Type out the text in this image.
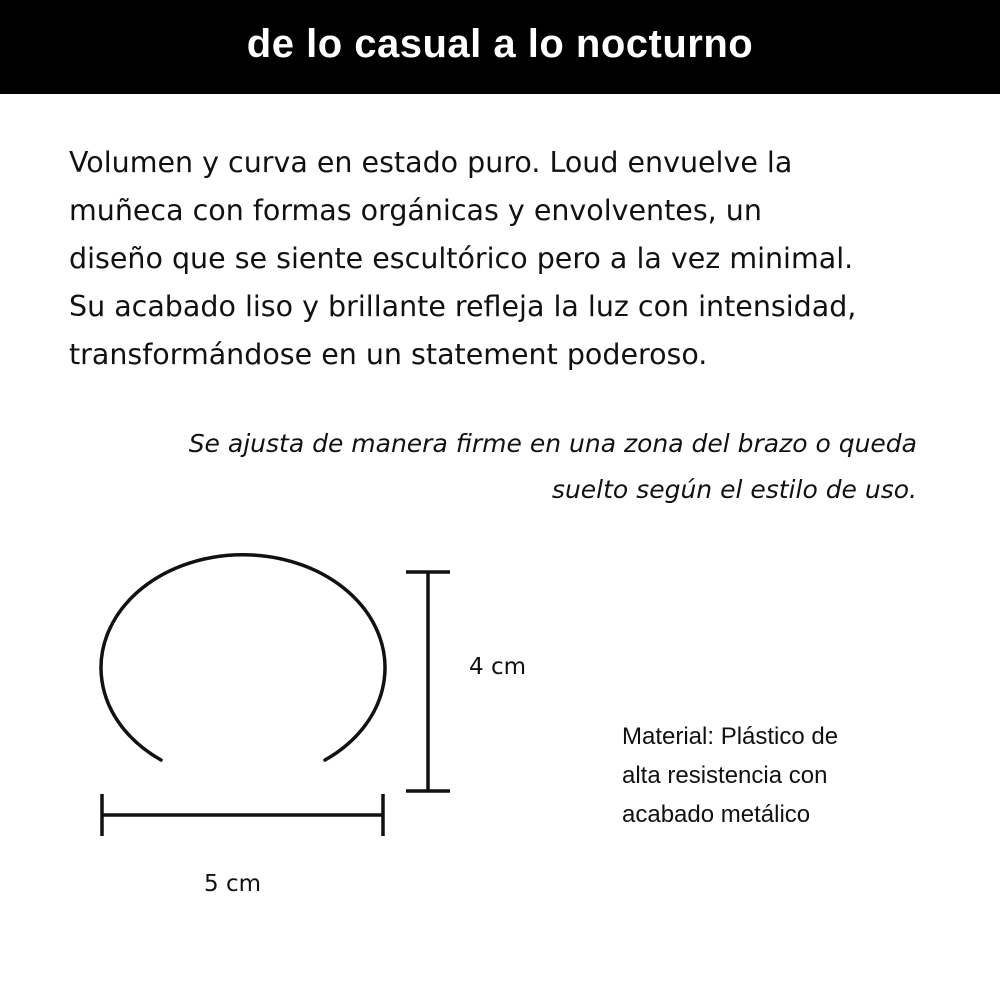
de lo casual a lo nocturno

Volumen y curva en estado puro. Loud envuelve la
muñeca con formas orgánicas y envolventes, un
diseño que se siente escultórico pero a la vez minimal.
Su acabado liso y brillante refleja la luz con intensidad,
transformándose en un statement poderoso.

Se ajusta de manera firme en una zona del brazo o queda
suelto según el estilo de uso.

4 cm
5 cm

Material: Plástico de
alta resistencia con
acabado metálico
